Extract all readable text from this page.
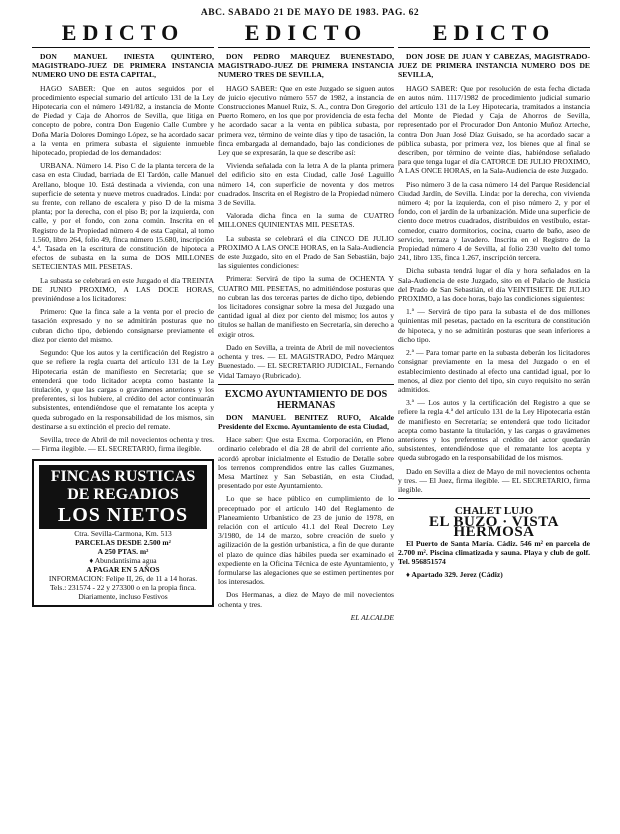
ABC. SABADO 21 DE MAYO DE 1983. PAG. 62
EDICTO

DON MANUEL INIESTA QUINTERO, MAGISTRADO-JUEZ DE PRIMERA INSTANCIA NUMERO UNO DE ESTA CAPITAL,

HAGO SABER: Que en autos seguidos por el procedimiento especial sumario del artículo 131 de la Ley Hipotecaria con el número 1491/82, a instancia de Monte de Piedad y Caja de Ahorros de Sevilla, que litiga en concepto de pobre, contra Don Eugenio Calle Cumbre y Doña María Dolores Domingo López, se ha acordado sacar a la venta en primera subasta el siguiente inmueble hipotecado, propiedad de los demandados:

URBANA. Número 14. Piso C de la planta tercera de la casa en esta Ciudad, barriada de El Tardón, calle Manuel Arellano, bloque 10. Está destinada a vivienda, con una superficie de setenta y nueve metros cuadrados. Linda: por su frente, con rellano de escalera y piso D de la misma planta; por la derecha, con el piso B; por la izquierda, con calle, y por el fondo, con zona común. Inscrita en el Registro de la Propiedad número 4 de esta Capital, al tomo 1.560, libro 264, folio 49, finca número 15.680, inscripción 4.ª. Tasada en la escritura de constitución de hipoteca a efectos de subasta en la suma de DOS MILLONES SETECIENTAS MIL PESETAS.

La subasta se celebrará en este Juzgado el día TREINTA DE JUNIO PROXIMO, A LAS DOCE HORAS, previniéndose a los licitadores:

Primero: Que la finca sale a la venta por el precio de tasación expresado y no se admitirán posturas que no cubran dicho tipo, debiendo consignarse previamente el diez por ciento del mismo.

Segundo: Que los autos y la certificación del Registro a que se refiere la regla cuarta del artículo 131 de la Ley Hipotecaria están de manifiesto en Secretaría; que se entenderá que todo licitador acepta como bastante la titulación, y que las cargas o gravámenes anteriores y los preferentes, si los hubiere, al crédito del actor continuarán subsistentes, entendiéndose que el rematante los acepta y queda subrogado en la responsabilidad de los mismos, sin destinarse a su extinción el precio del remate.

Sevilla, trece de Abril de mil novecientos ochenta y tres. — Firma ilegible. — EL SECRETARIO, firma ilegible.

FINCAS RUSTICAS DE REGADIOS
LOS NIETOS
Ctra. Sevilla-Carmona, Km. 513
PARCELAS DESDE 2.500 m²
A 250 PTAS. m²
♦ Abundantísima agua
A PAGAR EN 5 AÑOS
INFORMACION: Felipe II, 26, de 11 a 14 horas.
Tels.: 231574 - 22 y 273300 o en la propia finca.
Diariamente, incluso Festivos
EDICTO

DON PEDRO MARQUEZ BUENESTADO, MAGISTRADO-JUEZ DE PRIMERA INSTANCIA NUMERO TRES DE SEVILLA,

HAGO SABER: Que en este Juzgado se siguen autos de juicio ejecutivo número 557 de 1982, a instancia de Construcciones Manuel Ruiz, S. A., contra Don Gregorio Puerto Romero, en los que por providencia de esta fecha he acordado sacar a la venta en pública subasta, por primera vez, término de veinte días y tipo de tasación, la finca embargada al demandado, bajo las condiciones de Ley que se expresarán, la que se describe así:

Vivienda señalada con la letra A de la planta primera del edificio sito en esta Ciudad, calle José Laguillo número 14, con superficie de noventa y dos metros cuadrados. Inscrita en el Registro de la Propiedad número 3 de Sevilla.

Valorada dicha finca en la suma de CUATRO MILLONES QUINIENTAS MIL PESETAS.

La subasta se celebrará el día CINCO DE JULIO PROXIMO A LAS ONCE HORAS, en la Sala-Audiencia de este Juzgado, sito en el Prado de San Sebastián, bajo las siguientes condiciones:

Primera: Servirá de tipo la suma de OCHENTA Y CUATRO MIL PESETAS, no admitiéndose posturas que no cubran las dos terceras partes de dicho tipo, debiendo los licitadores consignar sobre la mesa del Juzgado una cantidad igual al diez por ciento del mismo; los autos y títulos se hallan de manifiesto en Secretaría, sin derecho a exigir otros.

Dado en Sevilla, a treinta de Abril de mil novecientos ochenta y tres. — EL MAGISTRADO, Pedro Márquez Buenestado. — EL SECRETARIO JUDICIAL, Fernando Vidal Tamayo (Rubricado).

EXCMO AYUNTAMIENTO DE DOS HERMANAS

DON MANUEL BENITEZ RUFO, Alcalde Presidente del Excmo. Ayuntamiento de esta Ciudad,

Hace saber: Que esta Excma. Corporación, en Pleno ordinario celebrado el día 28 de abril del corriente año, acordó aprobar inicialmente el Estudio de Detalle sobre los terrenos comprendidos entre las calles Guzmanes, Mesa Martínez y San Sebastián, en esta Ciudad, presentado por este Ayuntamiento.

Lo que se hace público en cumplimiento de lo preceptuado por el artículo 140 del Reglamento de Planeamiento Urbanístico de 23 de junio de 1978, en relación con el artículo 41.1 del Real Decreto Ley 3/1980, de 14 de marzo, sobre creación de suelo y agilización de la gestión urbanística, a fin de que durante el plazo de quince días hábiles pueda ser examinado el expediente en la Oficina Técnica de este Ayuntamiento, y formularse las alegaciones que se estimen pertinentes por los interesados.

Dos Hermanas, a diez de Mayo de mil novecientos ochenta y tres.

EL ALCALDE
EDICTO

DON JOSE DE JUAN Y CABEZAS, MAGISTRADO-JUEZ DE PRIMERA INSTANCIA NUMERO DOS DE SEVILLA,

HAGO SABER: Que por resolución de esta fecha dictada en autos núm. 1117/1982 de procedimiento judicial sumario del artículo 131 de la Ley Hipotecaria, tramitados a instancia del Monte de Piedad y Caja de Ahorros de Sevilla, representado por el Procurador Don Antonio Muñoz Arteche, contra Don Juan José Díaz Guisado, se ha acordado sacar a pública subasta, por primera vez, los bienes que al final se describen, por término de veinte días, habiéndose señalado para que tenga lugar el día CATORCE DE JULIO PROXIMO, A LAS ONCE HORAS, en la Sala-Audiencia de este Juzgado.

Piso número 3 de la casa número 14 del Parque Residencial Ciudad Jardín, de Sevilla. Linda: por la derecha, con vivienda número 4; por la izquierda, con el piso número 2, y por el fondo, con el jardín de la urbanización. Mide una superficie de ciento doce metros cuadrados, distribuidos en vestíbulo, estar-comedor, cuatro dormitorios, cocina, cuarto de baño, aseo de servicio, terraza y lavadero. Inscrita en el Registro de la Propiedad número 4 de Sevilla, al folio 230 vuelto del tomo 241, libro 135, finca 1.267, inscripción tercera.

Dicha subasta tendrá lugar el día y hora señalados en la Sala-Audiencia de este Juzgado, sito en el Palacio de Justicia del Prado de San Sebastián, el día VEINTISIETE DE JULIO PROXIMO, a las doce horas, bajo las condiciones siguientes:

1.ª — Servirá de tipo para la subasta el de dos millones quinientas mil pesetas, pactado en la escritura de constitución de hipoteca, y no se admitirán posturas que sean inferiores a dicho tipo.

2.ª — Para tomar parte en la subasta deberán los licitadores consignar previamente en la mesa del Juzgado o en el establecimiento destinado al efecto una cantidad igual, por lo menos, al diez por ciento del tipo, sin cuyo requisito no serán admitidos.

3.ª — Los autos y la certificación del Registro a que se refiere la regla 4.ª del artículo 131 de la Ley Hipotecaria están de manifiesto en Secretaría; se entenderá que todo licitador acepta como bastante la titulación, y las cargas o gravámenes anteriores y los preferentes al crédito del actor quedarán subsistentes, entendiéndose que el rematante los acepta y queda subrogado en la responsabilidad de los mismos.

Dado en Sevilla a diez de Mayo de mil novecientos ochenta y tres. — El Juez, firma ilegible. — EL SECRETARIO, firma ilegible.

CHALET LUJO
EL BUZO · VISTA HERMOSA

El Puerto de Santa María. Cádiz. 546 m² en parcela de 2.700 m². Piscina climatizada y sauna. Playa y club de golf. Tel. 956851574

♦ Apartado 329. Jerez (Cádiz)
